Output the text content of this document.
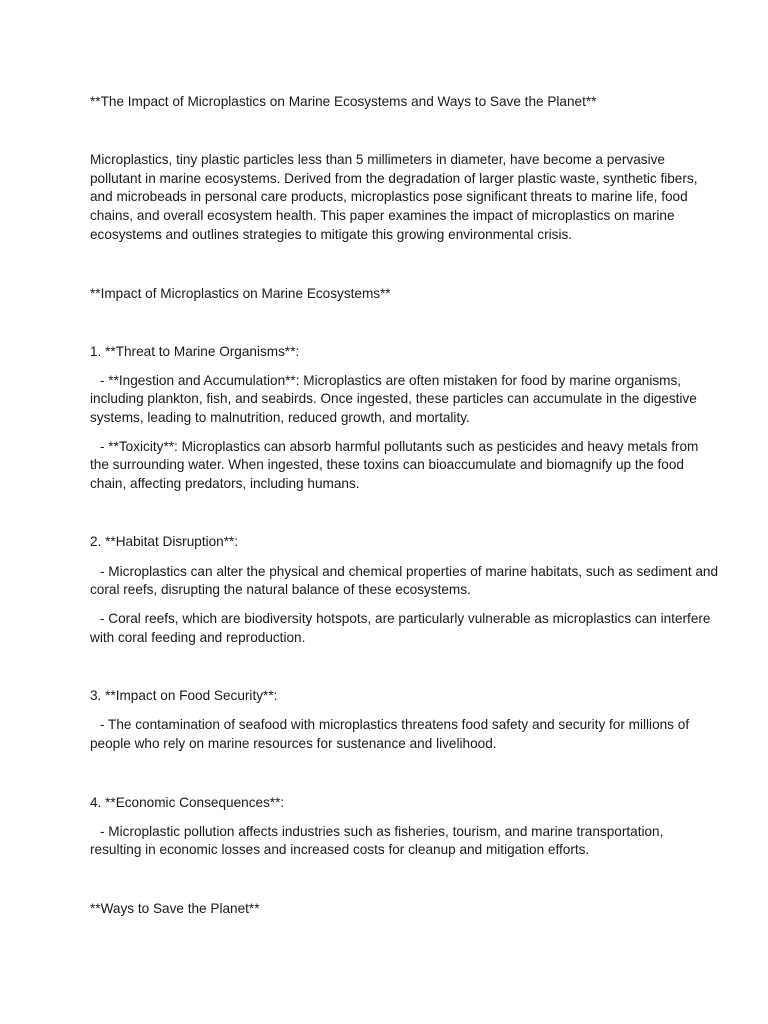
**The Impact of Microplastics on Marine Ecosystems and Ways to Save the Planet**
Microplastics, tiny plastic particles less than 5 millimeters in diameter, have become a pervasive
pollutant in marine ecosystems. Derived from the degradation of larger plastic waste, synthetic fibers,
and microbeads in personal care products, microplastics pose significant threats to marine life, food
chains, and overall ecosystem health. This paper examines the impact of microplastics on marine
ecosystems and outlines strategies to mitigate this growing environmental crisis.
**Impact of Microplastics on Marine Ecosystems**
1. **Threat to Marine Organisms**:
- **Ingestion and Accumulation**: Microplastics are often mistaken for food by marine organisms,
including plankton, fish, and seabirds. Once ingested, these particles can accumulate in the digestive
systems, leading to malnutrition, reduced growth, and mortality.
- **Toxicity**: Microplastics can absorb harmful pollutants such as pesticides and heavy metals from
the surrounding water. When ingested, these toxins can bioaccumulate and biomagnify up the food
chain, affecting predators, including humans.
2. **Habitat Disruption**:
- Microplastics can alter the physical and chemical properties of marine habitats, such as sediment and
coral reefs, disrupting the natural balance of these ecosystems.
- Coral reefs, which are biodiversity hotspots, are particularly vulnerable as microplastics can interfere
with coral feeding and reproduction.
3. **Impact on Food Security**:
- The contamination of seafood with microplastics threatens food safety and security for millions of
people who rely on marine resources for sustenance and livelihood.
4. **Economic Consequences**:
- Microplastic pollution affects industries such as fisheries, tourism, and marine transportation,
resulting in economic losses and increased costs for cleanup and mitigation efforts.
**Ways to Save the Planet**
